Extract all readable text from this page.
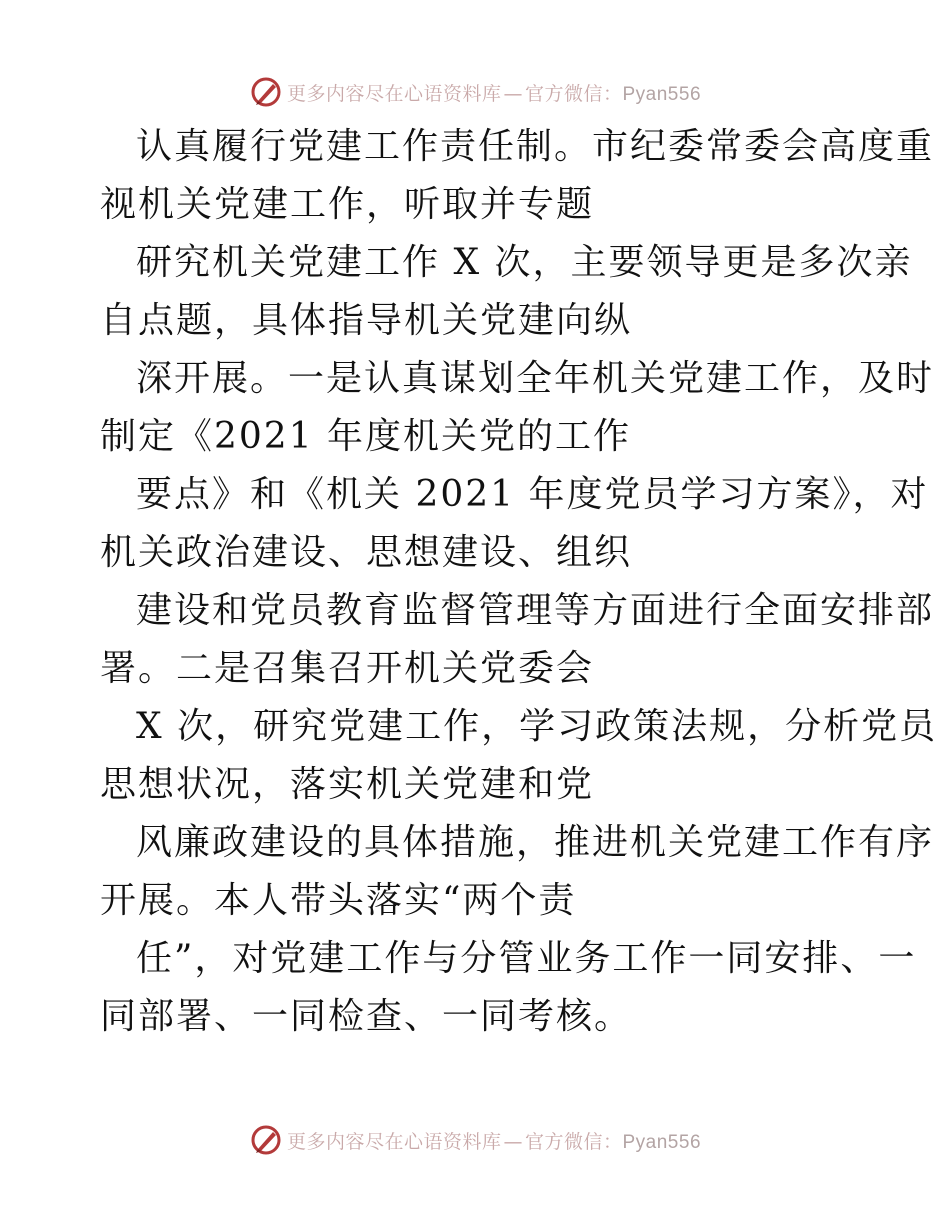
更多内容尽在心语资料库 — 官方微信：Pyan556
认真履行党建工作责任制。市纪委常委会高度重
视机关党建工作，听取并专题
研究机关党建工作 X 次，主要领导更是多次亲
自点题，具体指导机关党建向纵
深开展。一是认真谋划全年机关党建工作，及时
制定《2021 年度机关党的工作
要点》和《机关 2021 年度党员学习方案》，对
机关政治建设、思想建设、组织
建设和党员教育监督管理等方面进行全面安排部
署。二是召集召开机关党委会
X 次，研究党建工作，学习政策法规，分析党员
思想状况，落实机关党建和党
风廉政建设的具体措施，推进机关党建工作有序
开展。本人带头落实“两个责
任”，对党建工作与分管业务工作一同安排、一
同部署、一同检查、一同考核。
更多内容尽在心语资料库 — 官方微信：Pyan556
